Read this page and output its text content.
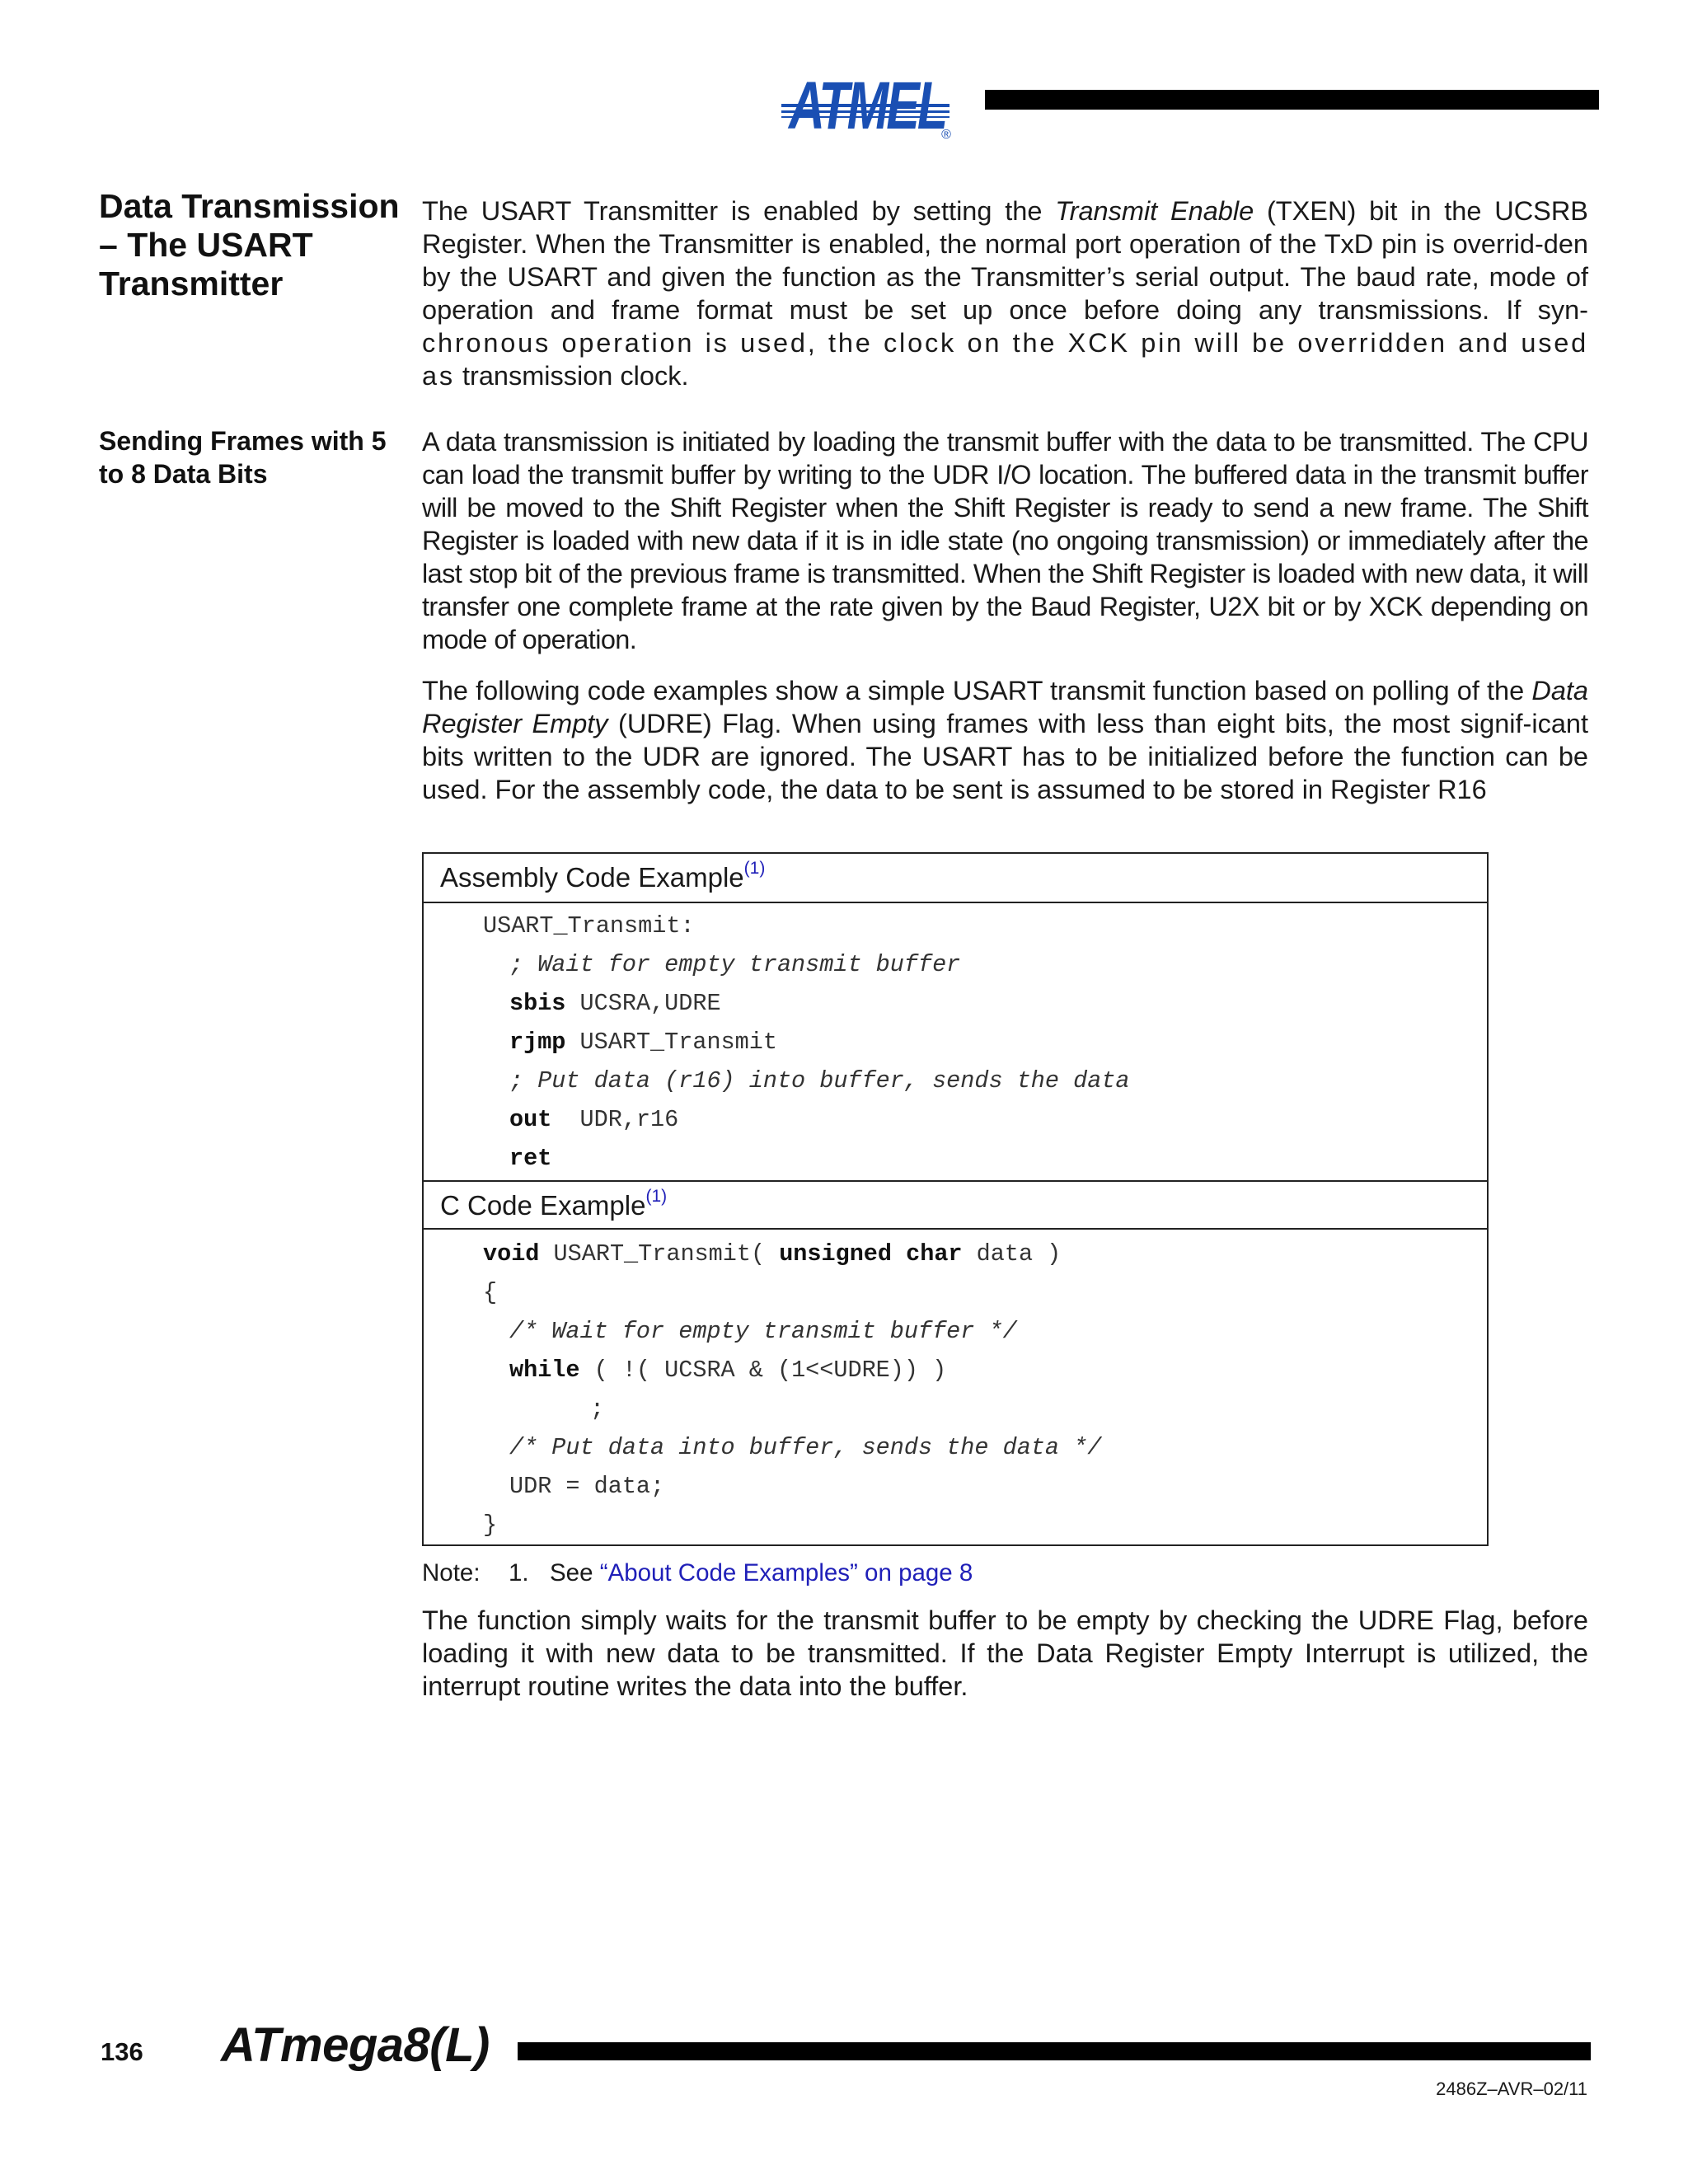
ATMEL
®
Data Transmission – The USART Transmitter
Sending Frames with 5 to 8 Data Bits
The USART Transmitter is enabled by setting the Transmit Enable (TXEN) bit in the UCSRB Register. When the Transmitter is enabled, the normal port operation of the TxD pin is overrid-den by the USART and given the function as the Transmitter’s serial output. The baud rate, mode of operation and frame format must be set up once before doing any transmissions. If syn- chronous operation is used, the clock on the XCK pin will be overridden and used as transmission clock.
A data transmission is initiated by loading the transmit buffer with the data to be transmitted. The CPU can load the transmit buffer by writing to the UDR I/O location. The buffered data in the transmit buffer will be moved to the Shift Register when the Shift Register is ready to send a new frame. The Shift Register is loaded with new data if it is in idle state (no ongoing transmission) or immediately after the last stop bit of the previous frame is transmitted. When the Shift Register is loaded with new data, it will transfer one complete frame at the rate given by the Baud Register, U2X bit or by XCK depending on mode of operation.
The following code examples show a simple USART transmit function based on polling of the Data Register Empty (UDRE) Flag. When using frames with less than eight bits, the most signif-icant bits written to the UDR are ignored. The USART has to be initialized before the function can be used. For the assembly code, the data to be sent is assumed to be stored in Register R16
Assembly Code Example$^{(1)}$
USART_Transmit:
; Wait for empty transmit buffer
sbis UCSRA,UDRE
rjmp USART_Transmit
; Put data (r16) into buffer, sends the data
out UDR,r16
ret
C Code Example$^{(1)}$
void USART_Transmit( unsigned char data )
{
/* Wait for empty transmit buffer */
while ( !( UCSRA & (1<<UDRE)) )
;
/* Put data into buffer, sends the data */
UDR = data;
}
Note: 1. See “About Code Examples” on page 8
The function simply waits for the transmit buffer to be empty by checking the UDRE Flag, before loading it with new data to be transmitted. If the Data Register Empty Interrupt is utilized, the interrupt routine writes the data into the buffer.
136 ATmega8(L)
2486Z–AVR–02/11
